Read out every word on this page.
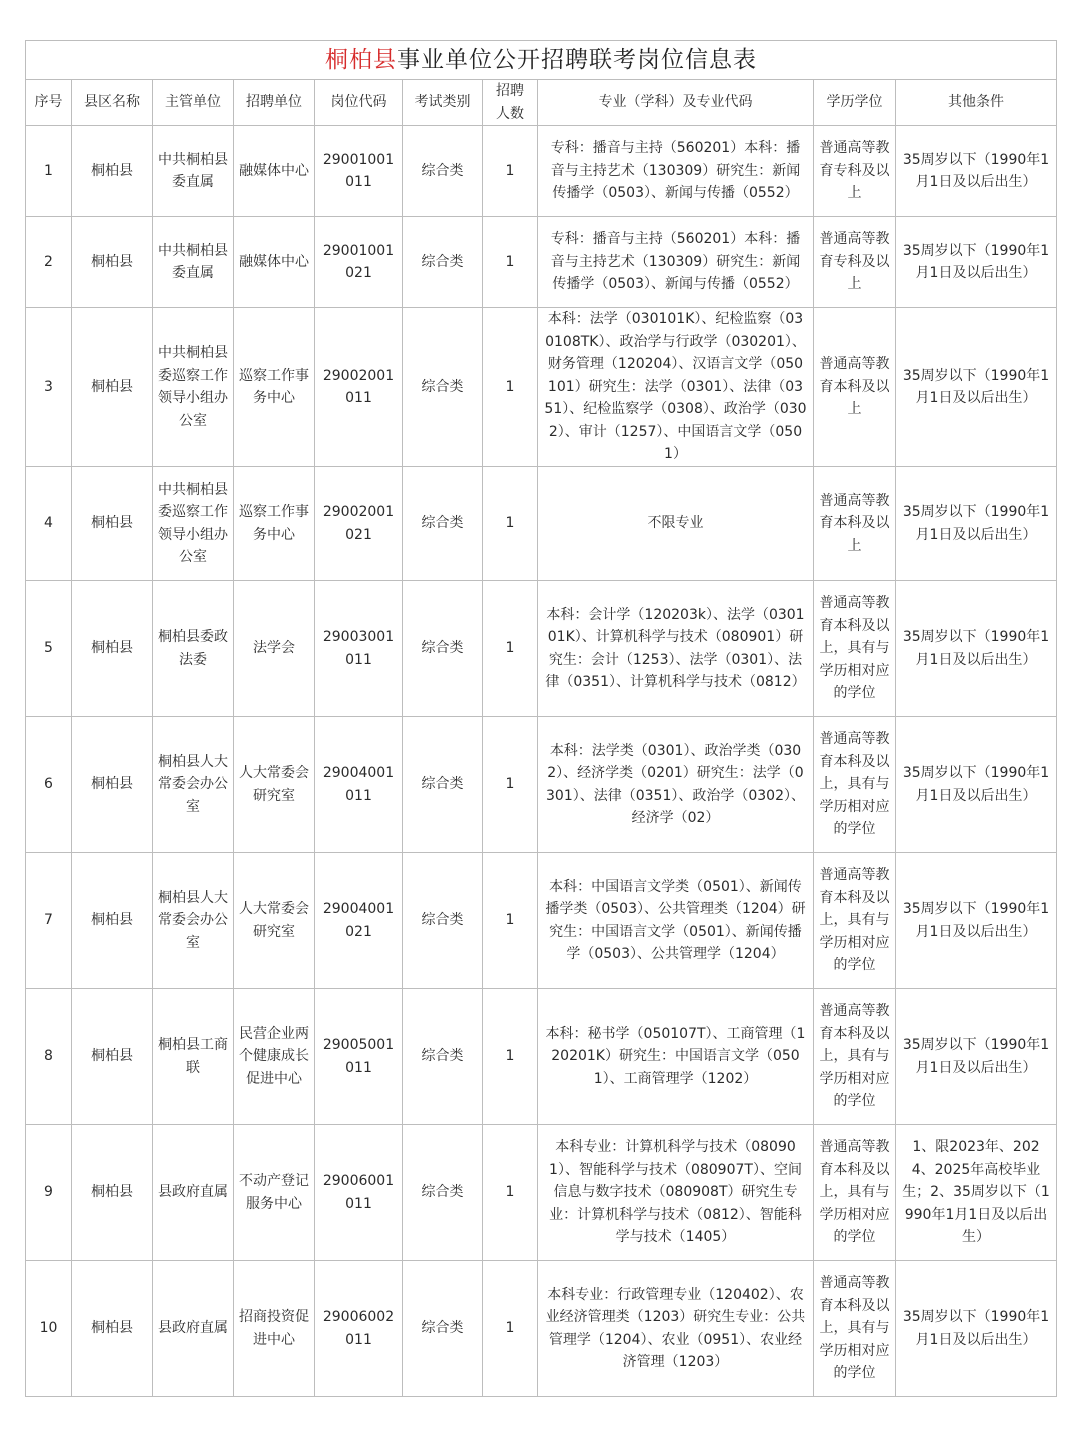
桐柏县事业单位公开招聘联考岗位信息表									
序号	县区名称	主管单位	招聘单位	岗位代码	考试类别	招聘人数	专业（学科）及专业代码	学历学位	其他条件
1	桐柏县	中共桐柏县委直属	融媒体中心	29001001011	综合类	1	专科：播音与主持（560201）本科：播音与主持艺术（130309）研究生：新闻传播学（0503）、新闻与传播（0552）	普通高等教育专科及以上	35周岁以下（1990年1月1日及以后出生）
2	桐柏县	中共桐柏县委直属	融媒体中心	29001001021	综合类	1	专科：播音与主持（560201）本科：播音与主持艺术（130309）研究生：新闻传播学（0503）、新闻与传播（0552）	普通高等教育专科及以上	35周岁以下（1990年1月1日及以后出生）
3	桐柏县	中共桐柏县委巡察工作领导小组办公室	巡察工作事务中心	29002001011	综合类	1	本科：法学（030101K）、纪检监察（030108TK）、政治学与行政学（030201）、财务管理（120204）、汉语言文学（050101）研究生：法学（0301）、法律（0351）、纪检监察学（0308）、政治学（0302）、审计（1257）、中国语言文学（0501）	普通高等教育本科及以上	35周岁以下（1990年1月1日及以后出生）
4	桐柏县	中共桐柏县委巡察工作领导小组办公室	巡察工作事务中心	29002001021	综合类	1	不限专业	普通高等教育本科及以上	35周岁以下（1990年1月1日及以后出生）
5	桐柏县	桐柏县委政法委	法学会	29003001011	综合类	1	本科：会计学（120203k）、法学（030101K）、计算机科学与技术（080901）研究生：会计（1253）、法学（0301）、法律（0351）、计算机科学与技术（0812）	普通高等教育本科及以上，具有与学历相对应的学位	35周岁以下（1990年1月1日及以后出生）
6	桐柏县	桐柏县人大常委会办公室	人大常委会研究室	29004001011	综合类	1	本科：法学类（0301）、政治学类（0302）、经济学类（0201）研究生：法学（0301）、法律（0351）、政治学（0302）、经济学（02）	普通高等教育本科及以上，具有与学历相对应的学位	35周岁以下（1990年1月1日及以后出生）
7	桐柏县	桐柏县人大常委会办公室	人大常委会研究室	29004001021	综合类	1	本科：中国语言文学类（0501）、新闻传播学类（0503）、公共管理类（1204）研究生：中国语言文学（0501）、新闻传播学（0503）、公共管理学（1204）	普通高等教育本科及以上，具有与学历相对应的学位	35周岁以下（1990年1月1日及以后出生）
8	桐柏县	桐柏县工商联	民营企业两个健康成长促进中心	29005001011	综合类	1	本科：秘书学（050107T）、工商管理（120201K）研究生：中国语言文学（0501）、工商管理学（1202）	普通高等教育本科及以上，具有与学历相对应的学位	35周岁以下（1990年1月1日及以后出生）
9	桐柏县	县政府直属	不动产登记服务中心	29006001011	综合类	1	本科专业：计算机科学与技术（080901）、智能科学与技术（080907T）、空间信息与数字技术（080908T）研究生专业：计算机科学与技术（0812）、智能科学与技术（1405）	普通高等教育本科及以上，具有与学历相对应的学位	1、限2023年、2024、2025年高校毕业生；2、35周岁以下（1990年1月1日及以后出生）
10	桐柏县	县政府直属	招商投资促进中心	29006002011	综合类	1	本科专业：行政管理专业（120402）、农业经济管理类（1203）研究生专业：公共管理学（1204）、农业（0951）、农业经济管理（1203）	普通高等教育本科及以上，具有与学历相对应的学位	35周岁以下（1990年1月1日及以后出生）
